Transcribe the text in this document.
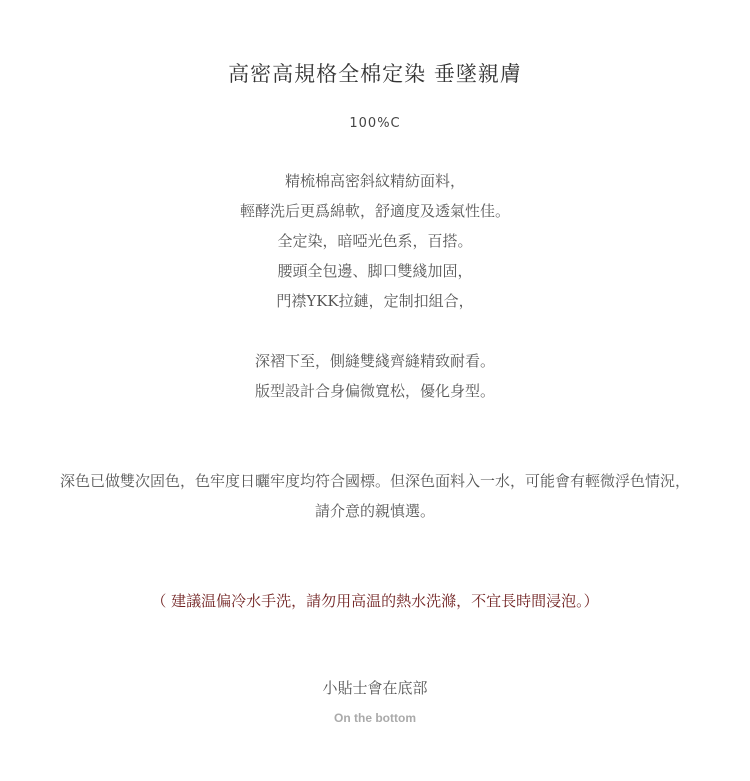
高密高規格全棉定染 垂墜親膚
100%C
精梳棉高密斜紋精紡面料，
輕酵洗后更爲綿軟，舒適度及透氣性佳。
全定染，暗啞光色系，百搭。
腰頭全包邊、脚口雙綫加固，
門襟YKK拉鏈，定制扣組合，
深褶下至，側縫雙綫齊縫精致耐看。
版型設計合身偏微寬松，優化身型。
深色已做雙次固色，色牢度日曬牢度均符合國標。但深色面料入一水，可能會有輕微浮色情況，
請介意的親慎選。
（ 建議温偏冷水手洗，請勿用高温的熱水洗滌，不宜長時間浸泡。）
小貼士會在底部
On the bottom
